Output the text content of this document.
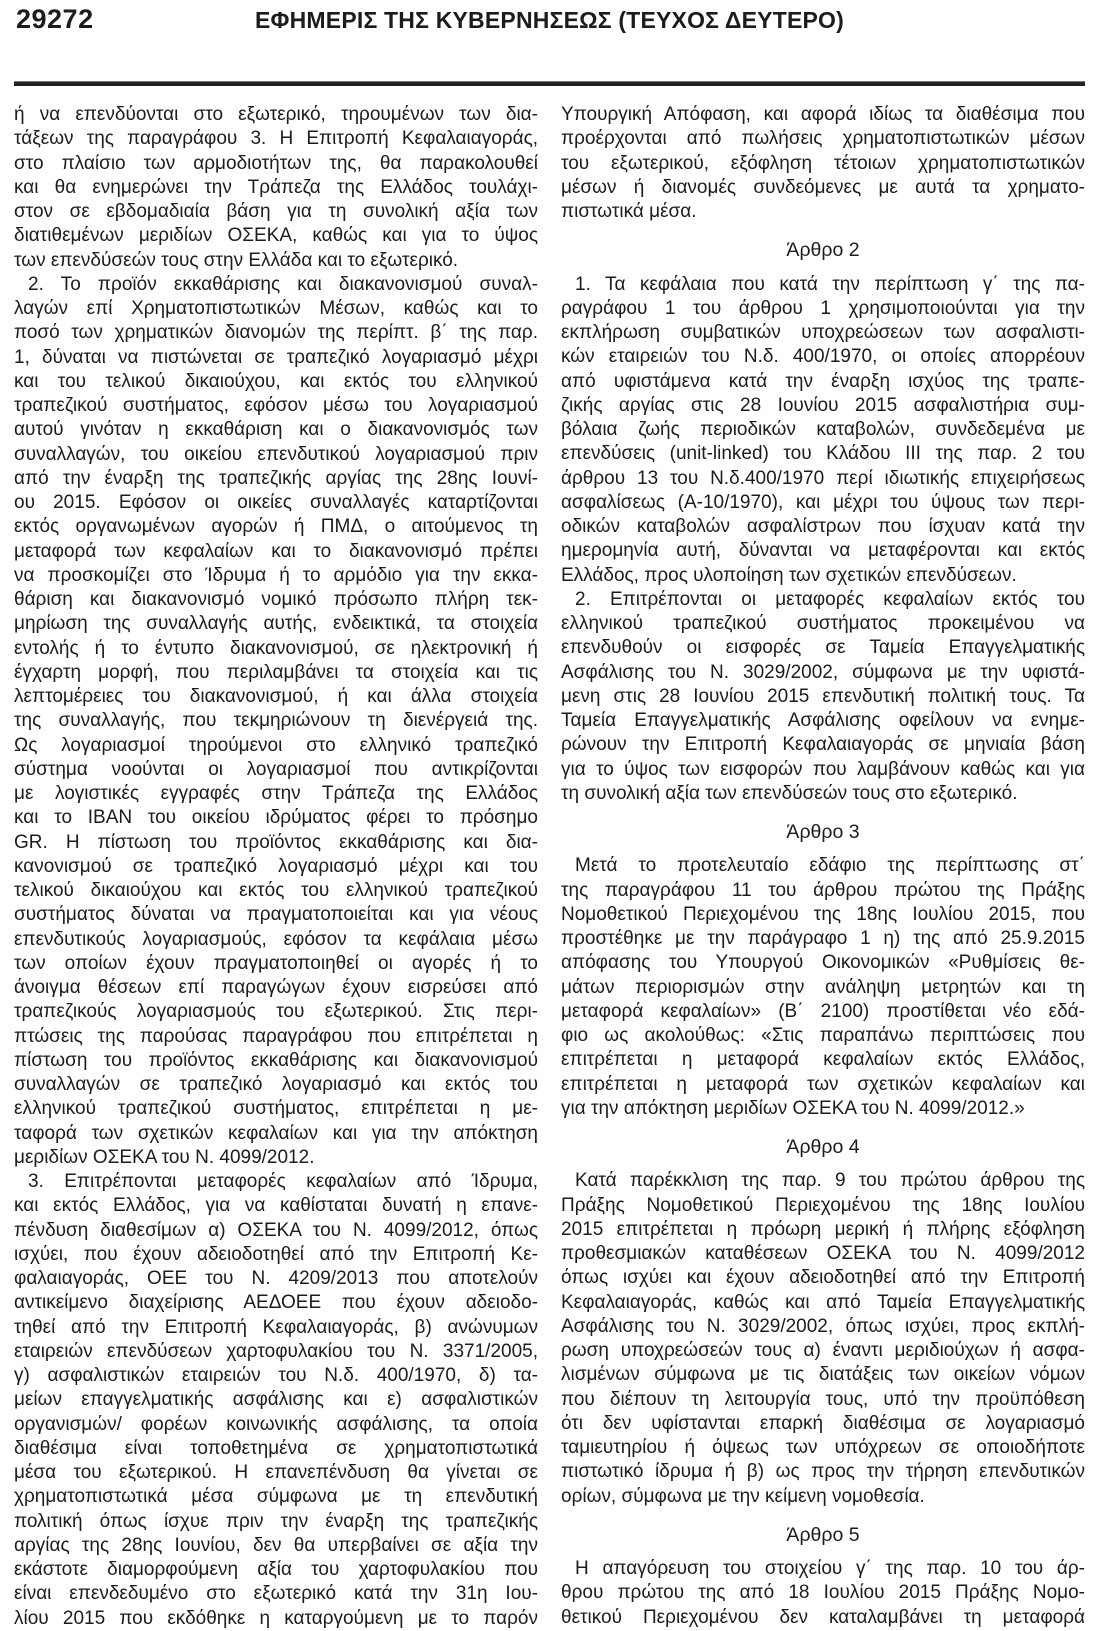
29272	ΕΦΗΜΕΡΙΣ ΤΗΣ ΚΥΒΕΡΝΗΣΕΩΣ (ΤΕΥΧΟΣ ΔΕΥΤΕΡΟ)
ή να επενδύονται στο εξωτερικό, τηρουμένων των δια-
τάξεων της παραγράφου 3. Η Επιτροπή Κεφαλαιαγοράς,
στο πλαίσιο των αρμοδιοτήτων της, θα παρακολουθεί
και θα ενημερώνει την Τράπεζα της Ελλάδος τουλάχι-
στον σε εβδομαδιαία βάση για τη συνολική αξία των
διατιθεμένων μεριδίων ΟΣΕΚΑ, καθώς και για το ύψος
των επενδύσεών τους στην Ελλάδα και το εξωτερικό.
2. Το προϊόν εκκαθάρισης και διακανονισμού συναλ-
λαγών επί Χρηματοπιστωτικών Μέσων, καθώς και το
ποσό των χρηματικών διανομών της περίπτ. β΄ της παρ.
1, δύναται να πιστώνεται σε τραπεζικό λογαριασμό μέχρι
και του τελικού δικαιούχου, και εκτός του ελληνικού
τραπεζικού συστήματος, εφόσον μέσω του λογαριασμού
αυτού γινόταν η εκκαθάριση και ο διακανονισμός των
συναλλαγών, του οικείου επενδυτικού λογαριασμού πριν
από την έναρξη της τραπεζικής αργίας της 28ης Ιουνί-
ου 2015. Εφόσον οι οικείες συναλλαγές καταρτίζονται
εκτός οργανωμένων αγορών ή ΠΜΔ, ο αιτούμενος τη
μεταφορά των κεφαλαίων και το διακανονισμό πρέπει
να προσκομίζει στο Ίδρυμα ή το αρμόδιο για την εκκα-
θάριση και διακανονισμό νομικό πρόσωπο πλήρη τεκ-
μηρίωση της συναλλαγής αυτής, ενδεικτικά, τα στοιχεία
εντολής ή το έντυπο διακανονισμού, σε ηλεκτρονική ή
έγχαρτη μορφή, που περιλαμβάνει τα στοιχεία και τις
λεπτομέρειες του διακανονισμού, ή και άλλα στοιχεία
της συναλλαγής, που τεκμηριώνουν τη διενέργειά της.
Ως λογαριασμοί τηρούμενοι στο ελληνικό τραπεζικό
σύστημα νοούνται οι λογαριασμοί που αντικρίζονται
με λογιστικές εγγραφές στην Τράπεζα της Ελλάδος
και το IBAN του οικείου ιδρύματος φέρει το πρόσημο
GR. Η πίστωση του προϊόντος εκκαθάρισης και δια-
κανονισμού σε τραπεζικό λογαριασμό μέχρι και του
τελικού δικαιούχου και εκτός του ελληνικού τραπεζικού
συστήματος δύναται να πραγματοποιείται και για νέους
επενδυτικούς λογαριασμούς, εφόσον τα κεφάλαια μέσω
των οποίων έχουν πραγματοποιηθεί οι αγορές ή το
άνοιγμα θέσεων επί παραγώγων έχουν εισρεύσει από
τραπεζικούς λογαριασμούς του εξωτερικού. Στις περι-
πτώσεις της παρούσας παραγράφου που επιτρέπεται η
πίστωση του προϊόντος εκκαθάρισης και διακανονισμού
συναλλαγών σε τραπεζικό λογαριασμό και εκτός του
ελληνικού τραπεζικού συστήματος, επιτρέπεται η με-
ταφορά των σχετικών κεφαλαίων και για την απόκτηση
μεριδίων ΟΣΕΚΑ του Ν. 4099/2012.
3. Επιτρέπονται μεταφορές κεφαλαίων από Ίδρυμα,
και εκτός Ελλάδος, για να καθίσταται δυνατή η επανε-
πένδυση διαθεσίμων α) ΟΣΕΚΑ του Ν. 4099/2012, όπως
ισχύει, που έχουν αδειοδοτηθεί από την Επιτροπή Κε-
φαλαιαγοράς, ΟΕΕ του Ν. 4209/2013 που αποτελούν
αντικείμενο διαχείρισης ΑΕΔΟΕΕ που έχουν αδειοδο-
τηθεί από την Επιτροπή Κεφαλαιαγοράς, β) ανώνυμων
εταιρειών επενδύσεων χαρτοφυλακίου του Ν. 3371/2005,
γ) ασφαλιστικών εταιρειών του Ν.δ. 400/1970, δ) τα-
μείων επαγγελματικής ασφάλισης και ε) ασφαλιστικών
οργανισμών/ φορέων κοινωνικής ασφάλισης, τα οποία
διαθέσιμα είναι τοποθετημένα σε χρηματοπιστωτικά
μέσα του εξωτερικού. Η επανεπένδυση θα γίνεται σε
χρηματοπιστωτικά μέσα σύμφωνα με τη επενδυτική
πολιτική όπως ίσχυε πριν την έναρξη της τραπεζικής
αργίας της 28ης Ιουνίου, δεν θα υπερβαίνει σε αξία την
εκάστοτε διαμορφούμενη αξία του χαρτοφυλακίου που
είναι επενδεδυμένο στο εξωτερικό κατά την 31η Ιου-
λίου 2015 που εκδόθηκε η καταργούμενη με το παρόν
Υπουργική Απόφαση, και αφορά ιδίως τα διαθέσιμα που
προέρχονται από πωλήσεις χρηματοπιστωτικών μέσων
του εξωτερικού, εξόφληση τέτοιων χρηματοπιστωτικών
μέσων ή διανομές συνδεόμενες με αυτά τα χρηματο-
πιστωτικά μέσα.
Άρθρο 2
1. Τα κεφάλαια που κατά την περίπτωση γ΄ της πα-
ραγράφου 1 του άρθρου 1 χρησιμοποιούνται για την
εκπλήρωση συμβατικών υποχρεώσεων των ασφαλιστι-
κών εταιρειών του Ν.δ. 400/1970, οι οποίες απορρέουν
από υφιστάμενα κατά την έναρξη ισχύος της τραπε-
ζικής αργίας στις 28 Ιουνίου 2015 ασφαλιστήρια συμ-
βόλαια ζωής περιοδικών καταβολών, συνδεδεμένα με
επενδύσεις (unit-linked) του Κλάδου III της παρ. 2 του
άρθρου 13 του Ν.δ.400/1970 περί ιδιωτικής επιχειρήσεως
ασφαλίσεως (Α-10/1970), και μέχρι του ύψους των περι-
οδικών καταβολών ασφαλίστρων που ίσχυαν κατά την
ημερομηνία αυτή, δύνανται να μεταφέρονται και εκτός
Ελλάδος, προς υλοποίηση των σχετικών επενδύσεων.
2. Επιτρέπονται οι μεταφορές κεφαλαίων εκτός του
ελληνικού τραπεζικού συστήματος προκειμένου να
επενδυθούν οι εισφορές σε Ταμεία Επαγγελματικής
Ασφάλισης του Ν. 3029/2002, σύμφωνα με την υφιστά-
μενη στις 28 Ιουνίου 2015 επενδυτική πολιτική τους. Τα
Ταμεία Επαγγελματικής Ασφάλισης οφείλουν να ενημε-
ρώνουν την Επιτροπή Κεφαλαιαγοράς σε μηνιαία βάση
για το ύψος των εισφορών που λαμβάνουν καθώς και για
τη συνολική αξία των επενδύσεών τους στο εξωτερικό.
Άρθρο 3
Μετά το προτελευταίο εδάφιο της περίπτωσης στ΄
της παραγράφου 11 του άρθρου πρώτου της Πράξης
Νομοθετικού Περιεχομένου της 18ης Ιουλίου 2015, που
προστέθηκε με την παράγραφο 1 η) της από 25.9.2015
απόφασης του Υπουργού Οικονομικών «Ρυθμίσεις θε-
μάτων περιορισμών στην ανάληψη μετρητών και τη
μεταφορά κεφαλαίων» (Β΄ 2100) προστίθεται νέο εδά-
φιο ως ακολούθως: «Στις παραπάνω περιπτώσεις που
επιτρέπεται η μεταφορά κεφαλαίων εκτός Ελλάδος,
επιτρέπεται η μεταφορά των σχετικών κεφαλαίων και
για την απόκτηση μεριδίων ΟΣΕΚΑ του Ν. 4099/2012.»
Άρθρο 4
Κατά παρέκκλιση της παρ. 9 του πρώτου άρθρου της
Πράξης Νομοθετικού Περιεχομένου της 18ης Ιουλίου
2015 επιτρέπεται η πρόωρη μερική ή πλήρης εξόφληση
προθεσμιακών καταθέσεων ΟΣΕΚΑ του Ν. 4099/2012
όπως ισχύει και έχουν αδειοδοτηθεί από την Επιτροπή
Κεφαλαιαγοράς, καθώς και από Ταμεία Επαγγελματικής
Ασφάλισης του Ν. 3029/2002, όπως ισχύει, προς εκπλή-
ρωση υποχρεώσεών τους α) έναντι μεριδιούχων ή ασφα-
λισμένων σύμφωνα με τις διατάξεις των οικείων νόμων
που διέπουν τη λειτουργία τους, υπό την προϋπόθεση
ότι δεν υφίστανται επαρκή διαθέσιμα σε λογαριασμό
ταμιευτηρίου ή όψεως των υπόχρεων σε οποιοδήποτε
πιστωτικό ίδρυμα ή β) ως προς την τήρηση επενδυτικών
ορίων, σύμφωνα με την κείμενη νομοθεσία.
Άρθρο 5
Η απαγόρευση του στοιχείου γ΄ της παρ. 10 του άρ-
θρου πρώτου της από 18 Ιουλίου 2015 Πράξης Νομο-
θετικού Περιεχομένου δεν καταλαμβάνει τη μεταφορά
